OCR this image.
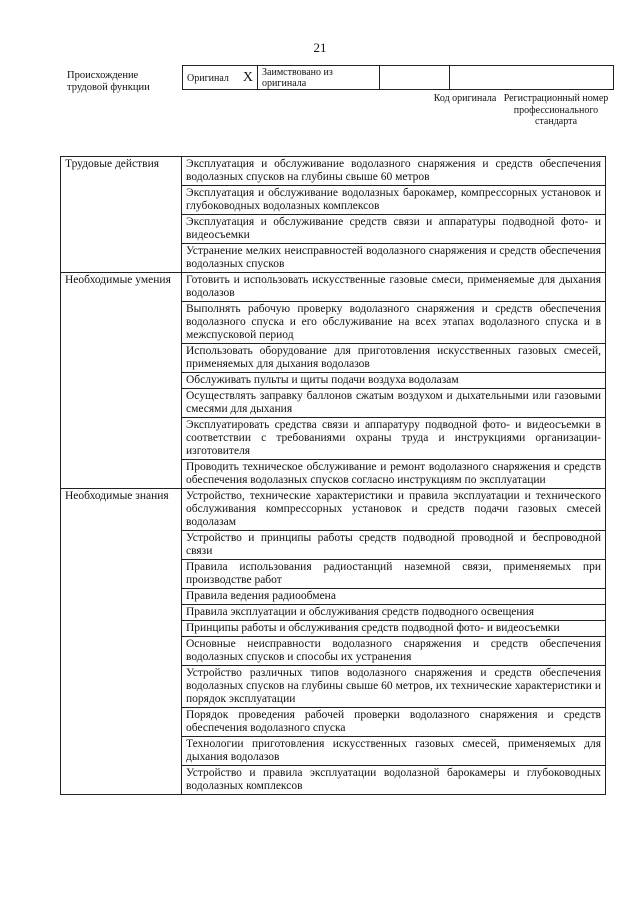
21
Происхождение трудовой функции
Оригинал X	Заимствовано из оригинала		
Код оригинала Регистрационный номер профессионального стандарта
Трудовые действия	Эксплуатация и обслуживание водолазного снаряжения и средств обеспечения водолазных спусков на глубины свыше 60 метров
	Эксплуатация и обслуживание водолазных барокамер, компрессорных установок и глубоководных водолазных комплексов
	Эксплуатация и обслуживание средств связи и аппаратуры подводной фото- и видеосъемки
	Устранение мелких неисправностей водолазного снаряжения и средств обеспечения водолазных спусков
Необходимые умения	Готовить и использовать искусственные газовые смеси, применяемые для дыхания водолазов
	Выполнять рабочую проверку водолазного снаряжения и средств обеспечения водолазного спуска и его обслуживание на всех этапах водолазного спуска и в межспусковой период
	Использовать оборудование для приготовления искусственных газовых смесей, применяемых для дыхания водолазов
	Обслуживать пульты и щиты подачи воздуха водолазам
	Осуществлять заправку баллонов сжатым воздухом и дыхательными или газовыми смесями для дыхания
	Эксплуатировать средства связи и аппаратуру подводной фото- и видеосъемки в соответствии с требованиями охраны труда и инструкциями организации-изготовителя
	Проводить техническое обслуживание и ремонт водолазного снаряжения и средств обеспечения водолазных спусков согласно инструкциям по эксплуатации
Необходимые знания	Устройство, технические характеристики и правила эксплуатации и технического обслуживания компрессорных установок и средств подачи газовых смесей водолазам
	Устройство и принципы работы средств подводной проводной и беспроводной связи
	Правила использования радиостанций наземной связи, применяемых при производстве работ
	Правила ведения радиообмена
	Правила эксплуатации и обслуживания средств подводного освещения
	Принципы работы и обслуживания средств подводной фото- и видеосъемки
	Основные неисправности водолазного снаряжения и средств обеспечения водолазных спусков и способы их устранения
	Устройство различных типов водолазного снаряжения и средств обеспечения водолазных спусков на глубины свыше 60 метров, их технические характеристики и порядок эксплуатации
	Порядок проведения рабочей проверки водолазного снаряжения и средств обеспечения водолазного спуска
	Технологии приготовления искусственных газовых смесей, применяемых для дыхания водолазов
	Устройство и правила эксплуатации водолазной барокамеры и глубоководных водолазных комплексов
